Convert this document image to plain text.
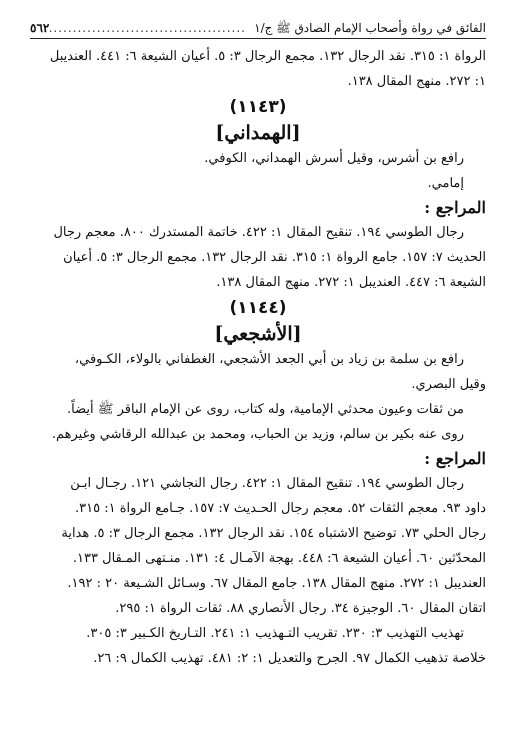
الفائق في رواة وأصحاب الإمام الصادق ﷺ ج/١
..........................................
٥٦٢

الرواة ١: ٣١٥. نقد الرجال ١٣٢. مجمع الرجال ٣: ٥. أعيان الشيعة ٦: ٤٤١. العنديبل

١: ٢٧٢. منهج المقال ١٣٨.

(١١٤٣)

[الهمداني]

رافع بن أشرس، وقيل أسرش الهمداني، الكوفي.

إمامي.

المراجع :

رجال الطوسي ١٩٤. تنقيح المقال ١: ٤٢٢. خاتمة المستدرك ٨٠٠. معجم رجال

الحديث ٧: ١٥٧. جامع الرواة ١: ٣١٥. نقد الرجال ١٣٢. مجمع الرجال ٣: ٥. أعيان

الشيعة ٦: ٤٤٧. العنديبل ١: ٢٧٢. منهج المقال ١٣٨.

(١١٤٤)

[الأشجعي]

رافع بن سلمة بن زياد بن أبي الجعد الأشجعي، الغطفاني بالولاء، الكـوفي،

وقيل البصري.

من ثقات وعيون محدثي الإمامية، وله كتاب، روى عن الإمام الباقر ﷺ أيضاً.

روى عنه بكير بن سالم، وزيد بن الحباب، ومحمد بن عبدالله الرقاشي وغيرهم.

المراجع :

رجال الطوسي ١٩٤. تنقيح المقال ١: ٤٢٢. رجال النجاشي ١٢١. رجـال ابـن

داود ٩٣. معجم الثقات ٥٢. معجم رجال الحـديث ٧: ١٥٧. جـامع الرواة ١: ٣١٥.

رجال الحلي ٧٣. توضيح الاشتباه ١٥٤. نقد الرجال ١٣٢. مجمع الرجال ٣: ٥. هداية

المحدّثين ٦٠. أعيان الشيعة ٦: ٤٤٨. بهجة الآمـال ٤: ١٣١. منـتهى المـقال ١٣٣.

العنديبل ١: ٢٧٢. منهج المقال ١٣٨. جامع المقال ٦٧. وسـائل الشـيعة ٢٠ : ١٩٢.

اتقان المقال ٦٠. الوجيزة ٣٤. رجال الأنصاري ٨٨. ثقات الرواة ١: ٢٩٥.

تهذيب التهذيب ٣: ٢٣٠. تقريب التـهذيب ١: ٢٤١. التـاريخ الكـبير ٣: ٣٠٥.

خلاصة تذهيب الكمال ٩٧. الجرح والتعديل ١: ٢: ٤٨١. تهذيب الكمال ٩: ٢٦.
